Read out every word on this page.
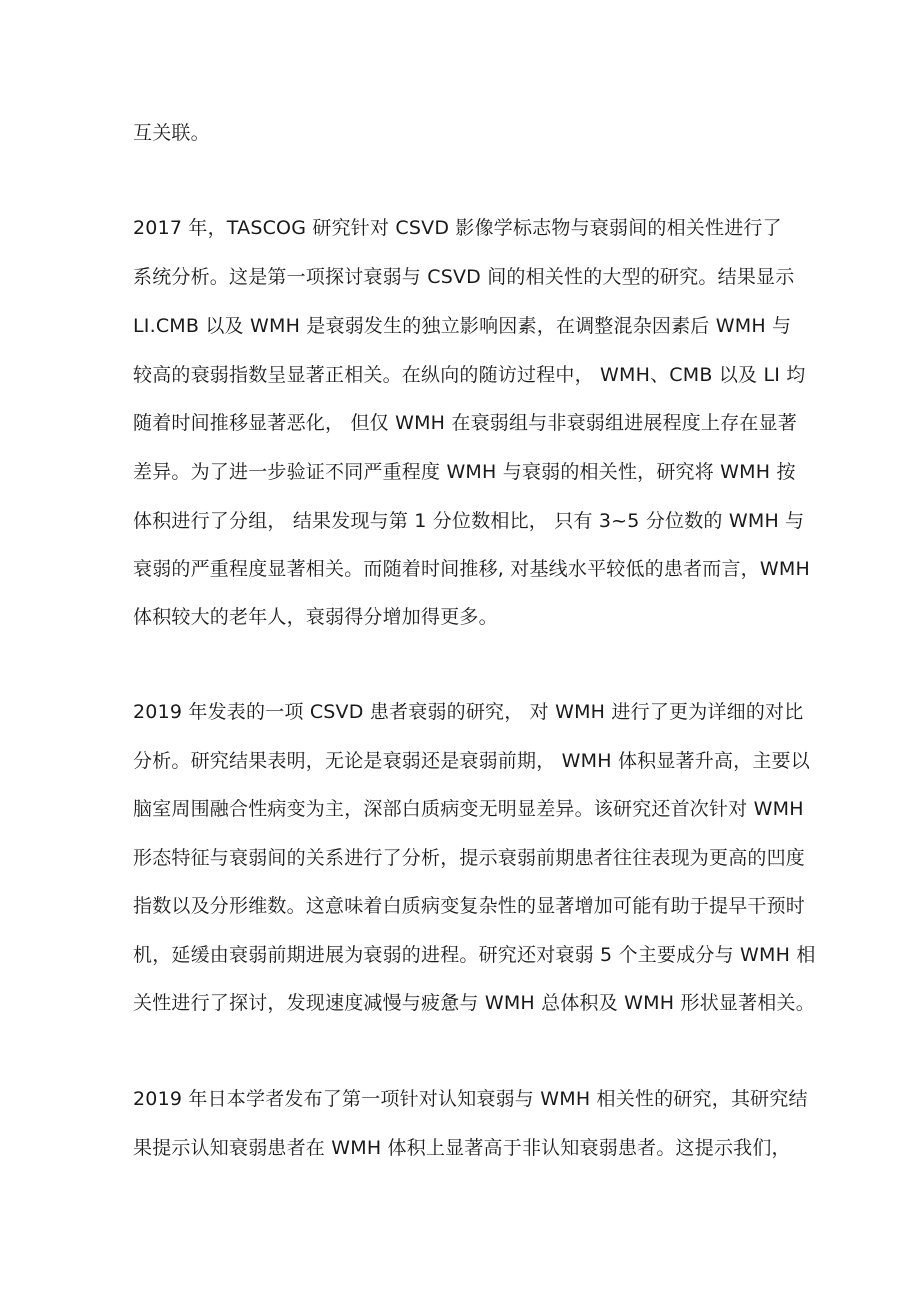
互关联。
2017 年，TASCOG 研究针对 CSVD 影像学标志物与衰弱间的相关性进行了
系统分析。这是第一项探讨衰弱与 CSVD 间的相关性的大型的研究。结果显示
LI.CMB 以及 WMH 是衰弱发生的独立影响因素，在调整混杂因素后 WMH 与
较高的衰弱指数呈显著正相关。在纵向的随访过程中， WMH、CMB 以及 LI 均
随着时间推移显著恶化， 但仅 WMH 在衰弱组与非衰弱组进展程度上存在显著
差异。为了进一步验证不同严重程度 WMH 与衰弱的相关性，研究将 WMH 按
体积进行了分组， 结果发现与第 1 分位数相比， 只有 3~5 分位数的 WMH 与
衰弱的严重程度显著相关。而随着时间推移, 对基线水平较低的患者而言，WMH
体积较大的老年人，衰弱得分增加得更多。
2019 年发表的一项 CSVD 患者衰弱的研究， 对 WMH 进行了更为详细的对比
分析。研究结果表明，无论是衰弱还是衰弱前期， WMH 体积显著升高，主要以
脑室周围融合性病变为主，深部白质病变无明显差异。该研究还首次针对 WMH
形态特征与衰弱间的关系进行了分析，提示衰弱前期患者往往表现为更高的凹度
指数以及分形维数。这意味着白质病变复杂性的显著增加可能有助于提早干预时
机，延缓由衰弱前期进展为衰弱的进程。研究还对衰弱 5 个主要成分与 WMH 相
关性进行了探讨，发现速度减慢与疲惫与 WMH 总体积及 WMH 形状显著相关。
2019 年日本学者发布了第一项针对认知衰弱与 WMH 相关性的研究，其研究结
果提示认知衰弱患者在 WMH 体积上显著高于非认知衰弱患者。这提示我们，
